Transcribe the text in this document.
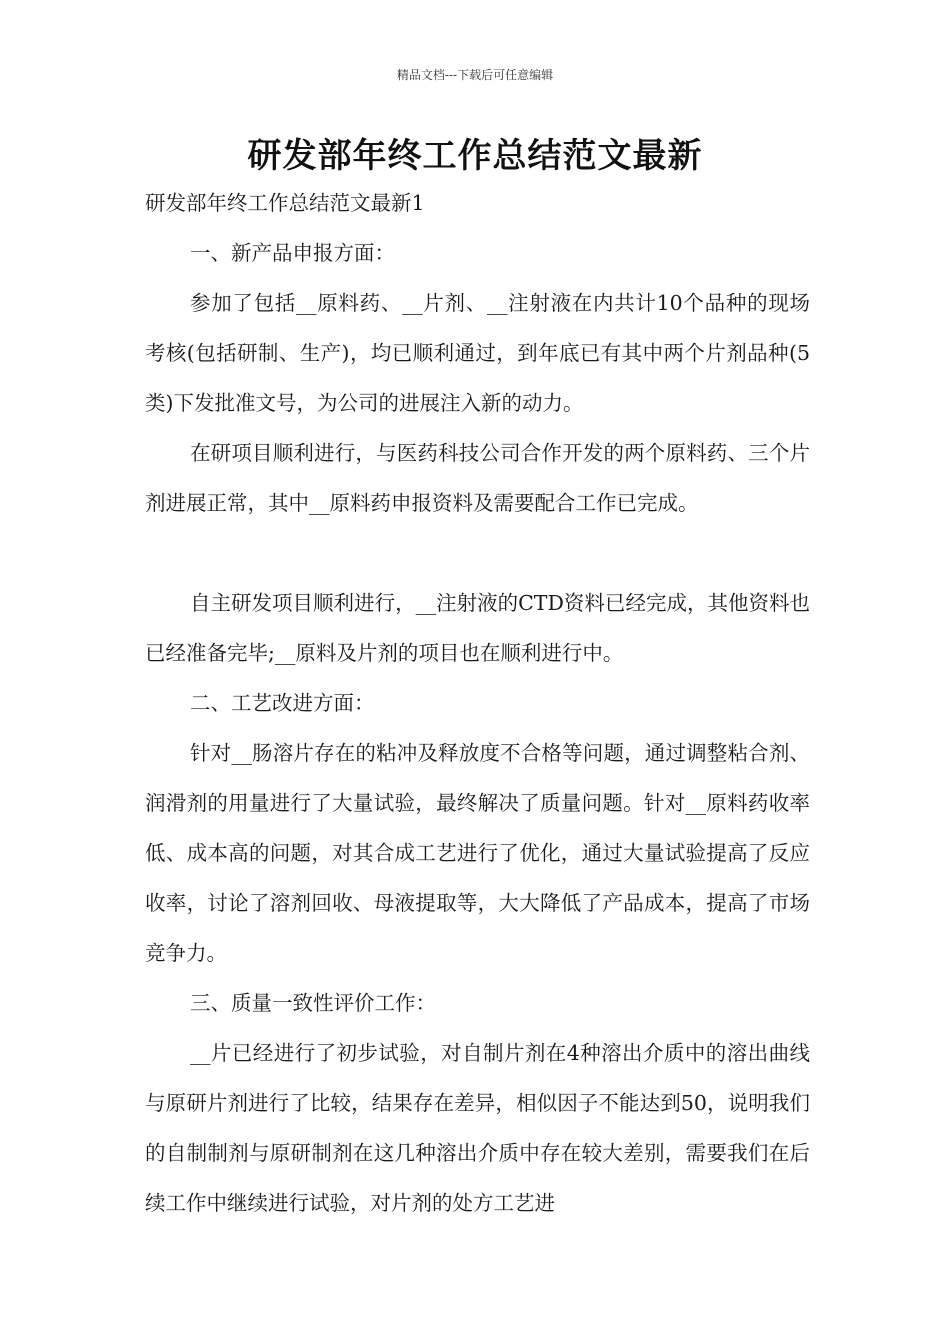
精品文档---下载后可任意编辑
研发部年终工作总结范文最新

研发部年终工作总结范文最新1

一、新产品申报方面：

参加了包括__原料药、__片剂、__注射液在内共计10个品种的现场考核(包括研制、生产)，均已顺利通过，到年底已有其中两个片剂品种(5类)下发批准文号，为公司的进展注入新的动力。

在研项目顺利进行，与医药科技公司合作开发的两个原料药、三个片剂进展正常，其中__原料药申报资料及需要配合工作已完成。

自主研发项目顺利进行，__注射液的CTD资料已经完成，其他资料也已经准备完毕;__原料及片剂的项目也在顺利进行中。

二、工艺改进方面：

针对__肠溶片存在的粘冲及释放度不合格等问题，通过调整粘合剂、润滑剂的用量进行了大量试验，最终解决了质量问题。针对__原料药收率低、成本高的问题，对其合成工艺进行了优化，通过大量试验提高了反应收率，讨论了溶剂回收、母液提取等，大大降低了产品成本，提高了市场竞争力。

三、质量一致性评价工作：

__片已经进行了初步试验，对自制片剂在4种溶出介质中的溶出曲线与原研片剂进行了比较，结果存在差异，相似因子不能达到50，说明我们的自制制剂与原研制剂在这几种溶出介质中存在较大差别，需要我们在后续工作中继续进行试验，对片剂的处方工艺进
